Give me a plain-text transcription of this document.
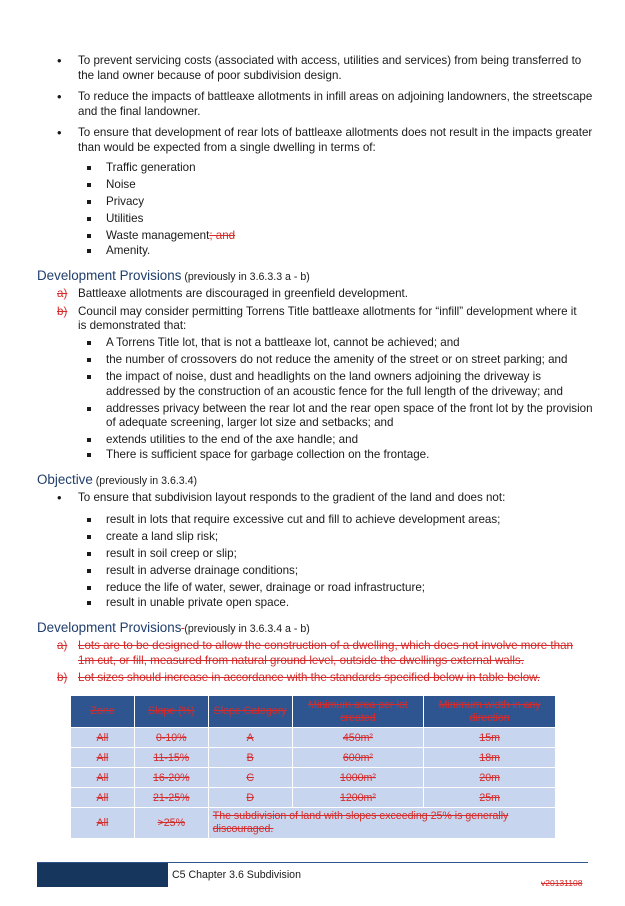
• To prevent servicing costs (associated with access, utilities and services) from being transferred to the land owner because of poor subdivision design.
• To reduce the impacts of battleaxe allotments in infill areas on adjoining landowners, the streetscape and the final landowner.
• To ensure that development of rear lots of battleaxe allotments does not result in the impacts greater than would be expected from a single dwelling in terms of:
Traffic generation
Noise
Privacy
Utilities
Waste management; and
Amenity.
Development Provisions (previously in 3.6.3.3 a - b)
a) Battleaxe allotments are discouraged in greenfield development.
b) Council may consider permitting Torrens Title battleaxe allotments for “infill” development where it is demonstrated that:
A Torrens Title lot, that is not a battleaxe lot, cannot be achieved; and
the number of crossovers do not reduce the amenity of the street or on street parking; and
the impact of noise, dust and headlights on the land owners adjoining the driveway is addressed by the construction of an acoustic fence for the full length of the driveway; and
addresses privacy between the rear lot and the rear open space of the front lot by the provision of adequate screening, larger lot size and setbacks; and
extends utilities to the end of the axe handle; and
There is sufficient space for garbage collection on the frontage.
Objective (previously in 3.6.3.4)
• To ensure that subdivision layout responds to the gradient of the land and does not:
result in lots that require excessive cut and fill to achieve development areas;
create a land slip risk;
result in soil creep or slip;
result in adverse drainage conditions;
reduce the life of water, sewer, drainage or road infrastructure;
result in unable private open space.
Development Provisions (previously in 3.6.3.4 a - b)
a) Lots are to be designed to allow the construction of a dwelling, which does not involve more than 1m cut, or fill, measured from natural ground level, outside the dwellings external walls.
b) Lot sizes should increase in accordance with the standards specified below in table below.
Zone	Slope (%)	Slope Category	Minimum area per lot created	Minimum width in any direction
All	0-10%	A	450m²	15m
All	11-15%	B	600m²	18m
All	16-20%	C	1000m²	20m
All	21-25%	D	1200m²	25m
All	>25%	The subdivision of land with slopes exceeding 25% is generally discouraged.		
C5 Chapter 3.6 Subdivision
v20131108
